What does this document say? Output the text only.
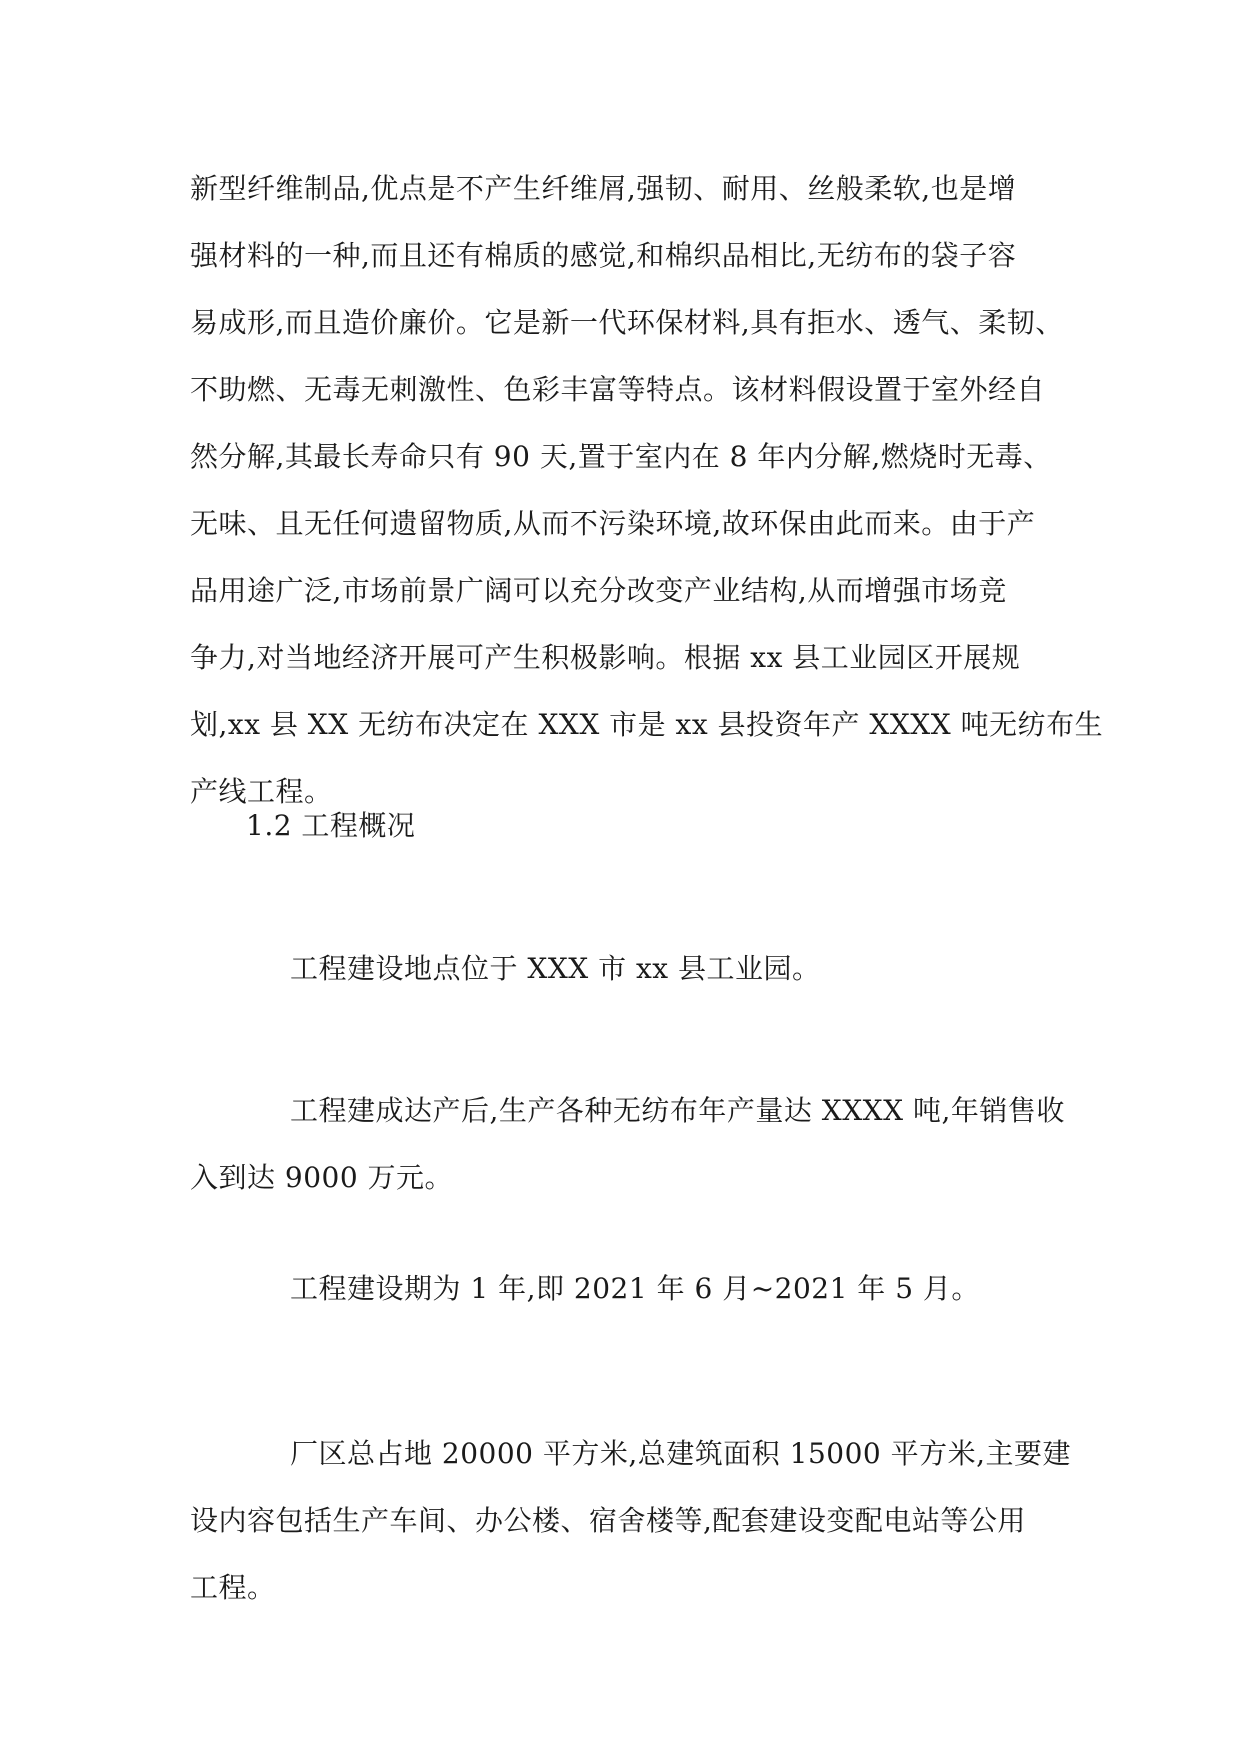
新型纤维制品,优点是不产生纤维屑,强韧、耐用、丝般柔软,也是增
强材料的一种,而且还有棉质的感觉,和棉织品相比,无纺布的袋子容
易成形,而且造价廉价。它是新一代环保材料,具有拒水、透气、柔韧、
不助燃、无毒无刺激性、色彩丰富等特点。该材料假设置于室外经自
然分解,其最长寿命只有 90 天,置于室内在 8 年内分解,燃烧时无毒、
无味、且无任何遗留物质,从而不污染环境,故环保由此而来。由于产
品用途广泛,市场前景广阔可以充分改变产业结构,从而增强市场竞
争力,对当地经济开展可产生积极影响。根据 xx 县工业园区开展规
划,xx 县 XX 无纺布决定在 XXX 市是 xx 县投资年产 XXXX 吨无纺布生
产线工程。
1.2 工程概况
工程建设地点位于 XXX 市 xx 县工业园。
工程建成达产后,生产各种无纺布年产量达 XXXX 吨,年销售收
入到达 9000 万元。
工程建设期为 1 年,即 2021 年 6 月~2021 年 5 月。
厂区总占地 20000 平方米,总建筑面积 15000 平方米,主要建
设内容包括生产车间、办公楼、宿舍楼等,配套建设变配电站等公用
工程。
